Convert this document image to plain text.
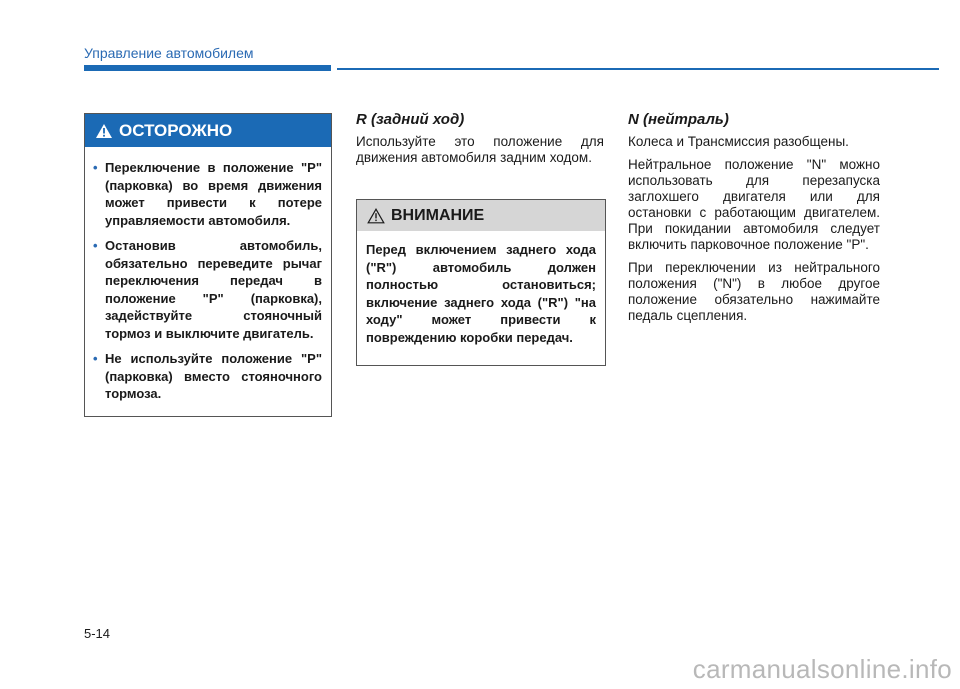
Управление автомобилем
ОСТОРОЖНО
• Переключение в положение "P" (парковка) во время движения может привести к потере управляемости автомобиля.
• Остановив автомобиль, обязательно переведите рычаг переключения передач в положение "P" (парковка), задействуйте стояночный тормоз и выключите двигатель.
• Не используйте положение "P" (парковка) вместо стояночного тормоза.
R (задний ход)

Используйте это положение для движения автомобиля задним ходом.

ВНИМАНИЕ
Перед включением заднего хода ("R") автомобиль должен полностью остановиться; включение заднего хода ("R") "на ходу" может привести к повреждению коробки передач.
N (нейтраль)

Колеса и Трансмиссия разобщены.

Нейтральное положение "N" можно использовать для перезапуска заглохшего двигателя или для остановки с работающим двигателем. При покидании автомобиля следует включить парковочное положение "P".

При переключении из нейтрального положения ("N") в любое другое положение обязательно нажимайте педаль сцепления.

5-14
carmanualsonline.info
